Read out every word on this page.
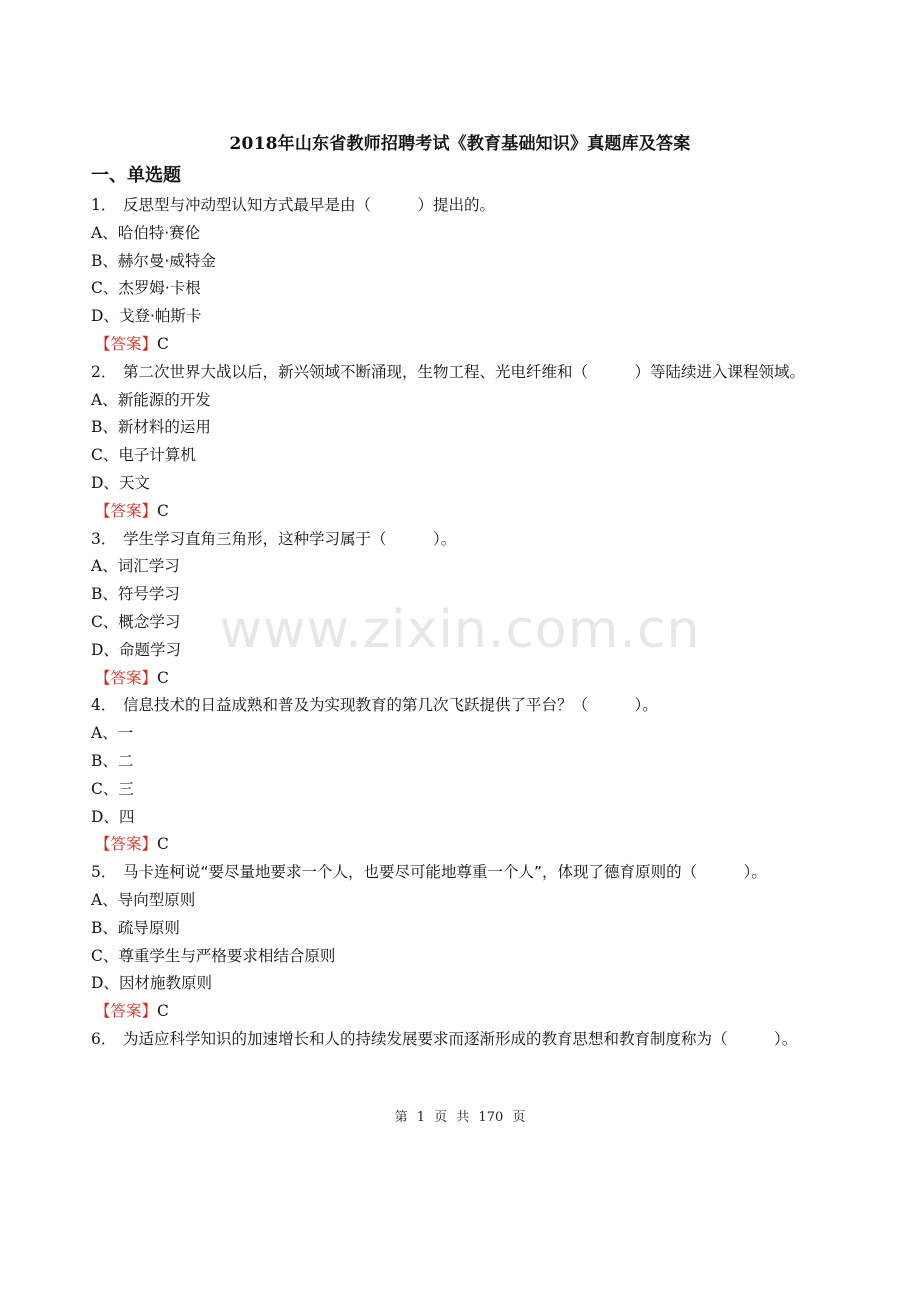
www.zixin.com.cn
2018年山东省教师招聘考试《教育基础知识》真题库及答案
一、单选题
1． 反思型与冲动型认知方式最早是由（　　　）提出的。
A、哈伯特·赛伦
B、赫尔曼·威特金
C、杰罗姆·卡根
D、戈登·帕斯卡
【答案】C
2． 第二次世界大战以后，新兴领域不断涌现，生物工程、光电纤维和（　　　）等陆续进入课程领域。
A、新能源的开发
B、新材料的运用
C、电子计算机
D、天文
【答案】C
3． 学生学习直角三角形，这种学习属于（　　　）。
A、词汇学习
B、符号学习
C、概念学习
D、命题学习
【答案】C
4． 信息技术的日益成熟和普及为实现教育的第几次飞跃提供了平台？（　　　）。
A、一
B、二
C、三
D、四
【答案】C
5． 马卡连柯说“要尽量地要求一个人，也要尽可能地尊重一个人”，体现了德育原则的（　　　）。
A、导向型原则
B、疏导原则
C、尊重学生与严格要求相结合原则
D、因材施教原则
【答案】C
6． 为适应科学知识的加速增长和人的持续发展要求而逐渐形成的教育思想和教育制度称为（　　　）。
第 1 页 共 170 页
